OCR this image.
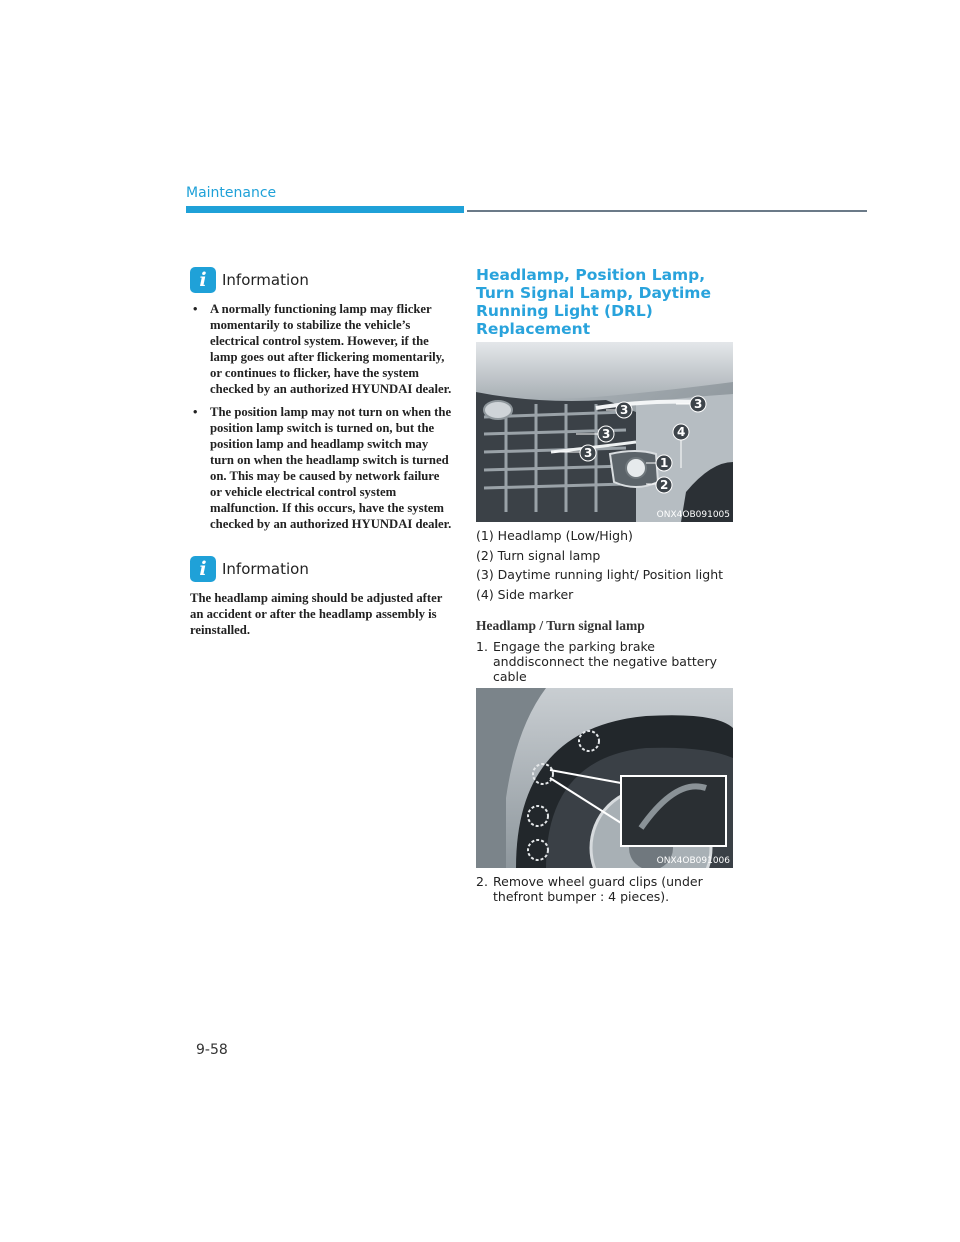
Maintenance
i	Information
• A normally functioning lamp may flicker momentarily to stabilize the vehicle’s electrical control system. However, if the lamp goes out after flickering momentarily, or continues to flicker, have the system checked by an authorized HYUNDAI dealer.
• The position lamp may not turn on when the position lamp switch is turned on, but the position lamp and headlamp switch may turn on when the headlamp switch is turned on. This may be caused by network failure or vehicle electrical control system malfunction. If this occurs, have the system checked by an authorized HYUNDAI dealer.
i	Information
The headlamp aiming should be adjusted after an accident or after the headlamp assembly is reinstalled.
Headlamp, Position Lamp, Turn Signal Lamp, Daytime Running Light (DRL) Replacement
3
3
3
3
4
1
2
ONX4OB091005
(1) Headlamp (Low/High)
(2) Turn signal lamp
(3) Daytime running light/ Position light
(4) Side marker
Headlamp / Turn signal lamp
1. Engage the parking brake anddisconnect the negative battery cable
ONX4OB091006
2. Remove wheel guard clips (under thefront bumper : 4 pieces).
9-58
